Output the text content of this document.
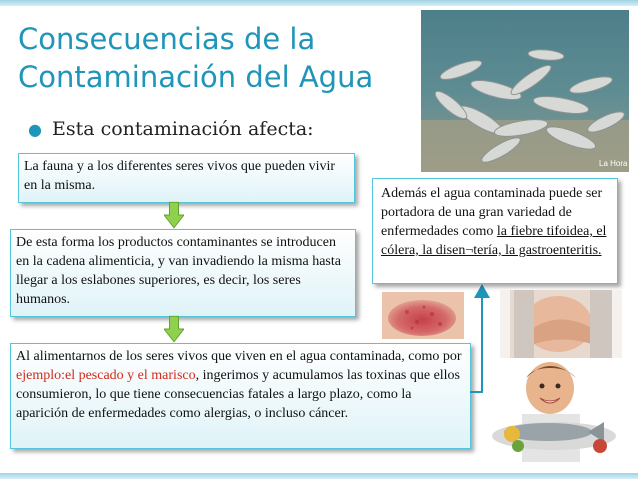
Consecuencias de la
Contaminación del Agua
● Esta contaminación afecta:
La Hora
La fauna y a los diferentes seres vivos que pueden vivir en la misma.
De esta forma los productos contaminantes se introducen en la cadena alimenticia, y van invadiendo la misma hasta llegar a los eslabones superiores, es decir, los seres humanos.
Al alimentarnos de los seres vivos que viven en el agua contaminada, como por ejemplo:el pescado y el marisco, ingerimos y acumulamos las toxinas que ellos consumieron, lo que tiene consecuencias fatales a largo plazo, como la aparición de enfermedades como alergias, o incluso cáncer.
Además el agua contaminada puede ser portadora de una gran variedad de enfermedades como la fiebre tifoidea, el cólera, la disen¬tería, la gastroenteritis.
